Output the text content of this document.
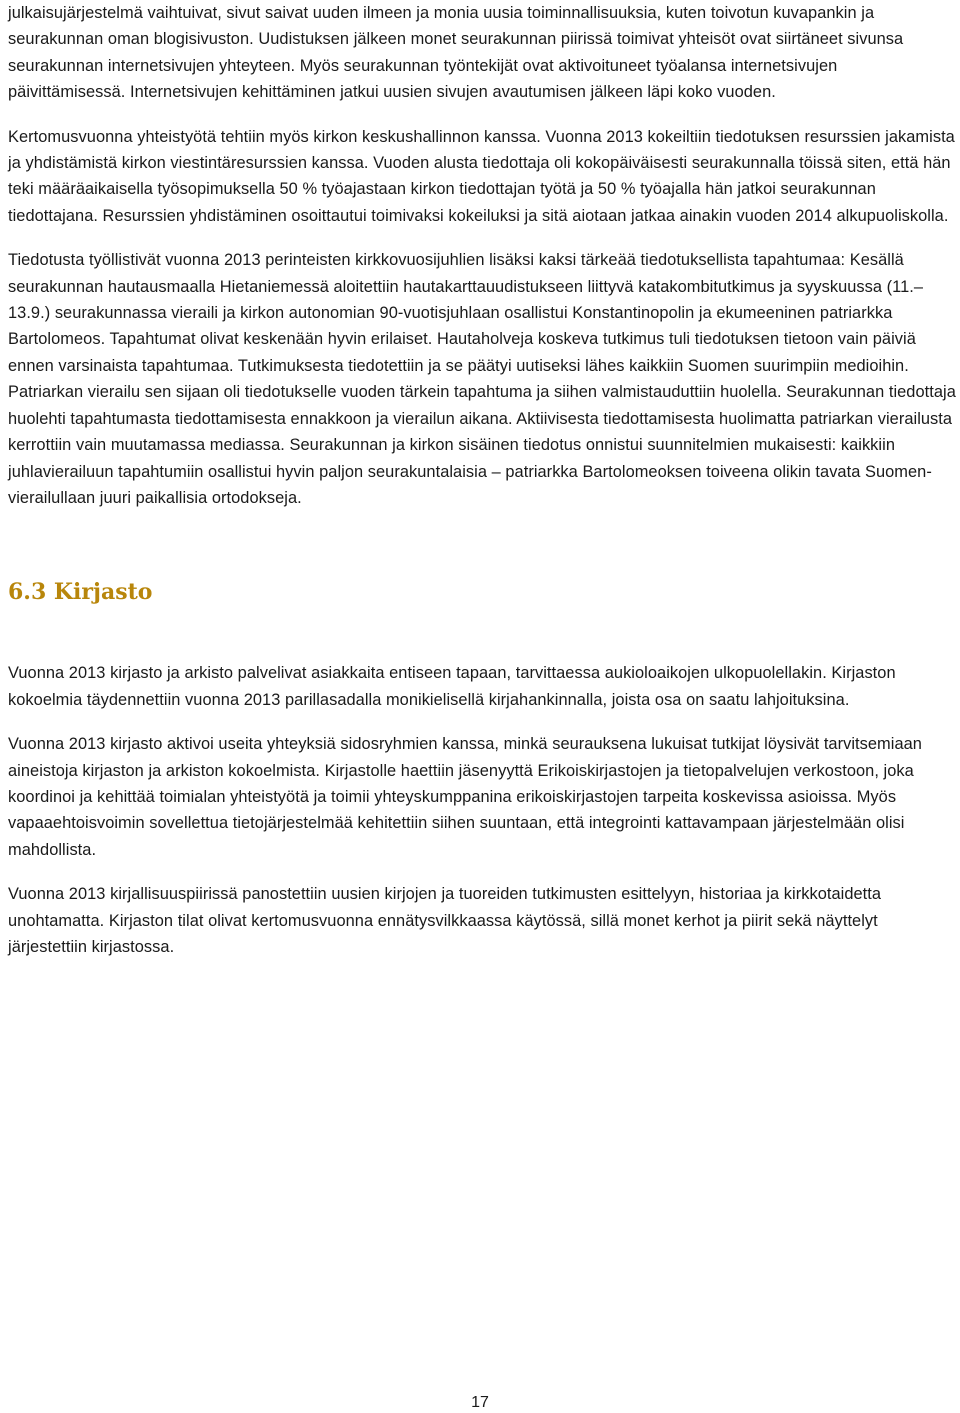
julkaisujärjestelmä vaihtuivat, sivut saivat uuden ilmeen ja monia uusia toiminnallisuuksia, kuten toivotun kuvapankin ja seurakunnan oman blogisivuston. Uudistuksen jälkeen monet seurakunnan piirissä toimivat yhteisöt ovat siirtäneet sivunsa seurakunnan internetsivujen yhteyteen. Myös seurakunnan työntekijät ovat aktivoituneet työalansa internetsivujen päivittämisessä. Internetsivujen kehittäminen jatkui uusien sivujen avautumisen jälkeen läpi koko vuoden.

Kertomusvuonna yhteistyötä tehtiin myös kirkon keskushallinnon kanssa. Vuonna 2013 kokeiltiin tiedotuksen resurssien jakamista ja yhdistämistä kirkon viestintäresurssien kanssa. Vuoden alusta tiedottaja oli kokopäiväisesti seurakunnalla töissä siten, että hän teki määräaikaisella työsopimuksella 50 % työajastaan kirkon tiedottajan työtä ja 50 % työajalla hän jatkoi seurakunnan tiedottajana. Resurssien yhdistäminen osoittautui toimivaksi kokeiluksi ja sitä aiotaan jatkaa ainakin vuoden 2014 alkupuoliskolla.

Tiedotusta työllistivät vuonna 2013 perinteisten kirkkovuosijuhlien lisäksi kaksi tärkeää tiedotuksellista tapahtumaa: Kesällä seurakunnan hautausmaalla Hietaniemessä aloitettiin hautakarttauudistukseen liittyvä katakombitutkimus ja syyskuussa (11.–13.9.) seurakunnassa vieraili ja kirkon autonomian 90-vuotisjuhlaan osallistui Konstantinopolin ja ekumeeninen patriarkka Bartolomeos. Tapahtumat olivat keskenään hyvin erilaiset. Hautaholveja koskeva tutkimus tuli tiedotuksen tietoon vain päiviä ennen varsinaista tapahtumaa. Tutkimuksesta tiedotettiin ja se päätyi uutiseksi lähes kaikkiin Suomen suurimpiin medioihin. Patriarkan vierailu sen sijaan oli tiedotukselle vuoden tärkein tapahtuma ja siihen valmistauduttiin huolella. Seurakunnan tiedottaja huolehti tapahtumasta tiedottamisesta ennakkoon ja vierailun aikana. Aktiivisesta tiedottamisesta huolimatta patriarkan vierailusta kerrottiin vain muutamassa mediassa. Seurakunnan ja kirkon sisäinen tiedotus onnistui suunnitelmien mukaisesti: kaikkiin juhlavierailuun tapahtumiin osallistui hyvin paljon seurakuntalaisia – patriarkka Bartolomeoksen toiveena olikin tavata Suomen-vierailullaan juuri paikallisia ortodokseja.

6.3 Kirjasto

Vuonna 2013 kirjasto ja arkisto palvelivat asiakkaita entiseen tapaan, tarvittaessa aukioloaikojen ulkopuolellakin. Kirjaston kokoelmia täydennettiin vuonna 2013 parillasadalla monikielisellä kirjahankinnalla, joista osa on saatu lahjoituksina.

Vuonna 2013 kirjasto aktivoi useita yhteyksiä sidosryhmien kanssa, minkä seurauksena lukuisat tutkijat löysivät tarvitsemiaan aineistoja kirjaston ja arkiston kokoelmista. Kirjastolle haettiin jäsenyyttä Erikoiskirjastojen ja tietopalvelujen verkostoon, joka koordinoi ja kehittää toimialan yhteistyötä ja toimii yhteyskumppanina erikoiskirjastojen tarpeita koskevissa asioissa. Myös vapaaehtoisvoimin sovellettua tietojärjestelmää kehitettiin siihen suuntaan, että integrointi kattavampaan järjestelmään olisi mahdollista.

Vuonna 2013 kirjallisuuspiirissä panostettiin uusien kirjojen ja tuoreiden tutkimusten esittelyyn, historiaa ja kirkkotaidetta unohtamatta. Kirjaston tilat olivat kertomusvuonna ennätysvilkkaassa käytössä, sillä monet kerhot ja piirit sekä näyttelyt järjestettiin kirjastossa.

17
